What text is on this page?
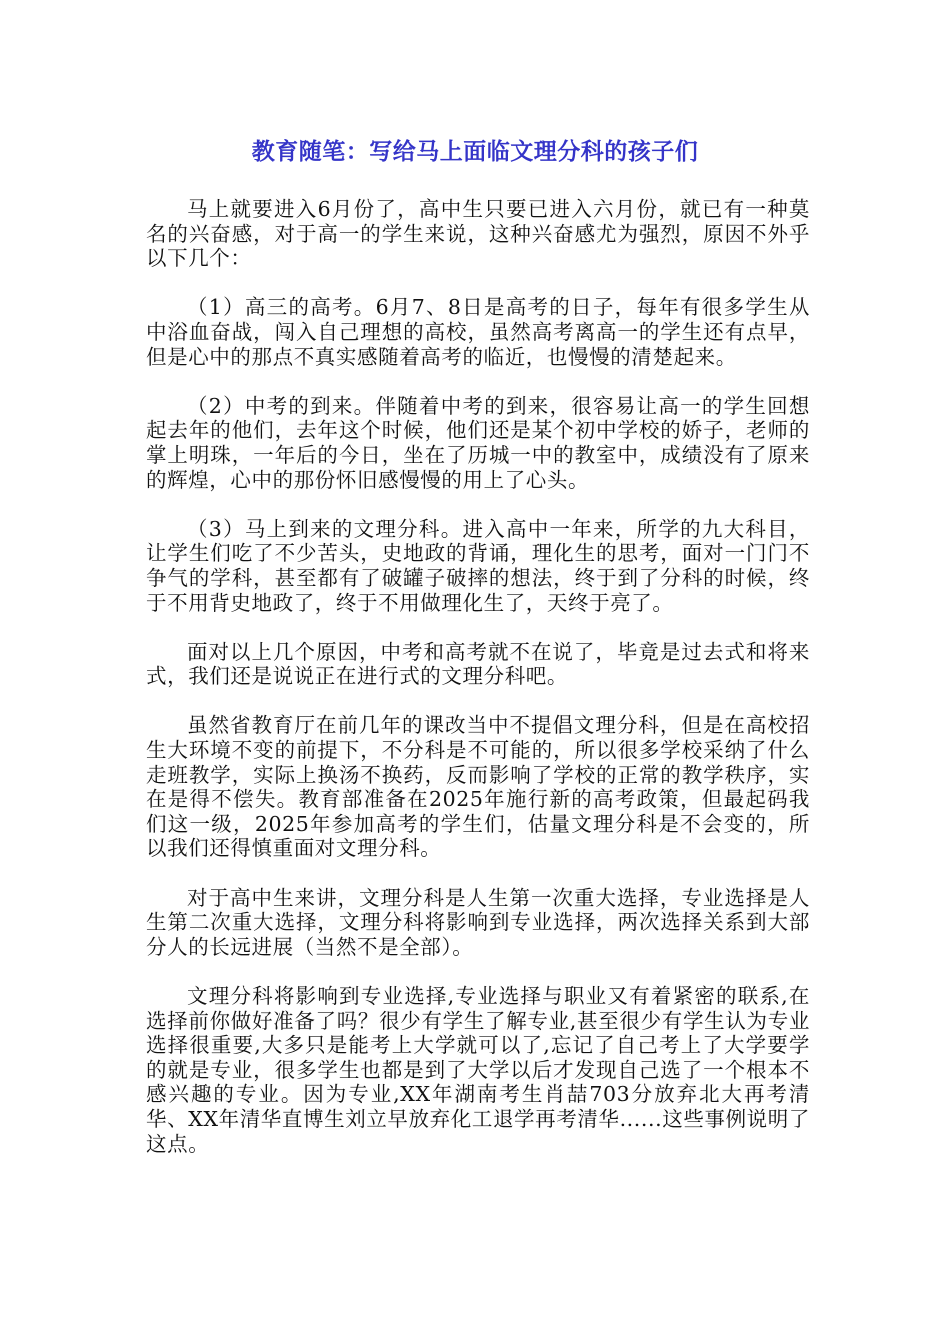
教育随笔：写给马上面临文理分科的孩子们

马上就要进入6月份了，高中生只要已进入六月份，就已有一种莫名的兴奋感，对于高一的学生来说，这种兴奋感尤为强烈，原因不外乎以下几个：

（1）高三的高考。6月7、8日是高考的日子，每年有很多学生从中浴血奋战，闯入自己理想的高校，虽然高考离高一的学生还有点早，但是心中的那点不真实感随着高考的临近，也慢慢的清楚起来。

（2）中考的到来。伴随着中考的到来，很容易让高一的学生回想起去年的他们，去年这个时候，他们还是某个初中学校的娇子，老师的掌上明珠，一年后的今日，坐在了历城一中的教室中，成绩没有了原来的辉煌，心中的那份怀旧感慢慢的用上了心头。

（3）马上到来的文理分科。进入高中一年来，所学的九大科目，让学生们吃了不少苦头，史地政的背诵，理化生的思考，面对一门门不争气的学科，甚至都有了破罐子破摔的想法，终于到了分科的时候，终于不用背史地政了，终于不用做理化生了，天终于亮了。

面对以上几个原因，中考和高考就不在说了，毕竟是过去式和将来式，我们还是说说正在进行式的文理分科吧。

虽然省教育厅在前几年的课改当中不提倡文理分科，但是在高校招生大环境不变的前提下，不分科是不可能的，所以很多学校采纳了什么走班教学，实际上换汤不换药，反而影响了学校的正常的教学秩序，实在是得不偿失。教育部准备在2025年施行新的高考政策，但最起码我们这一级，2025年参加高考的学生们，估量文理分科是不会变的，所以我们还得慎重面对文理分科。

对于高中生来讲，文理分科是人生第一次重大选择，专业选择是人生第二次重大选择，文理分科将影响到专业选择，两次选择关系到大部分人的长远进展（当然不是全部）。

文理分科将影响到专业选择,专业选择与职业又有着紧密的联系,在选择前你做好准备了吗？很少有学生了解专业,甚至很少有学生认为专业选择很重要,大多只是能考上大学就可以了,忘记了自己考上了大学要学的就是专业，很多学生也都是到了大学以后才发现自己选了一个根本不感兴趣的专业。因为专业,XX年湖南考生肖喆703分放弃北大再考清华、XX年清华直博生刘立早放弃化工退学再考清华......这些事例说明了这点。
